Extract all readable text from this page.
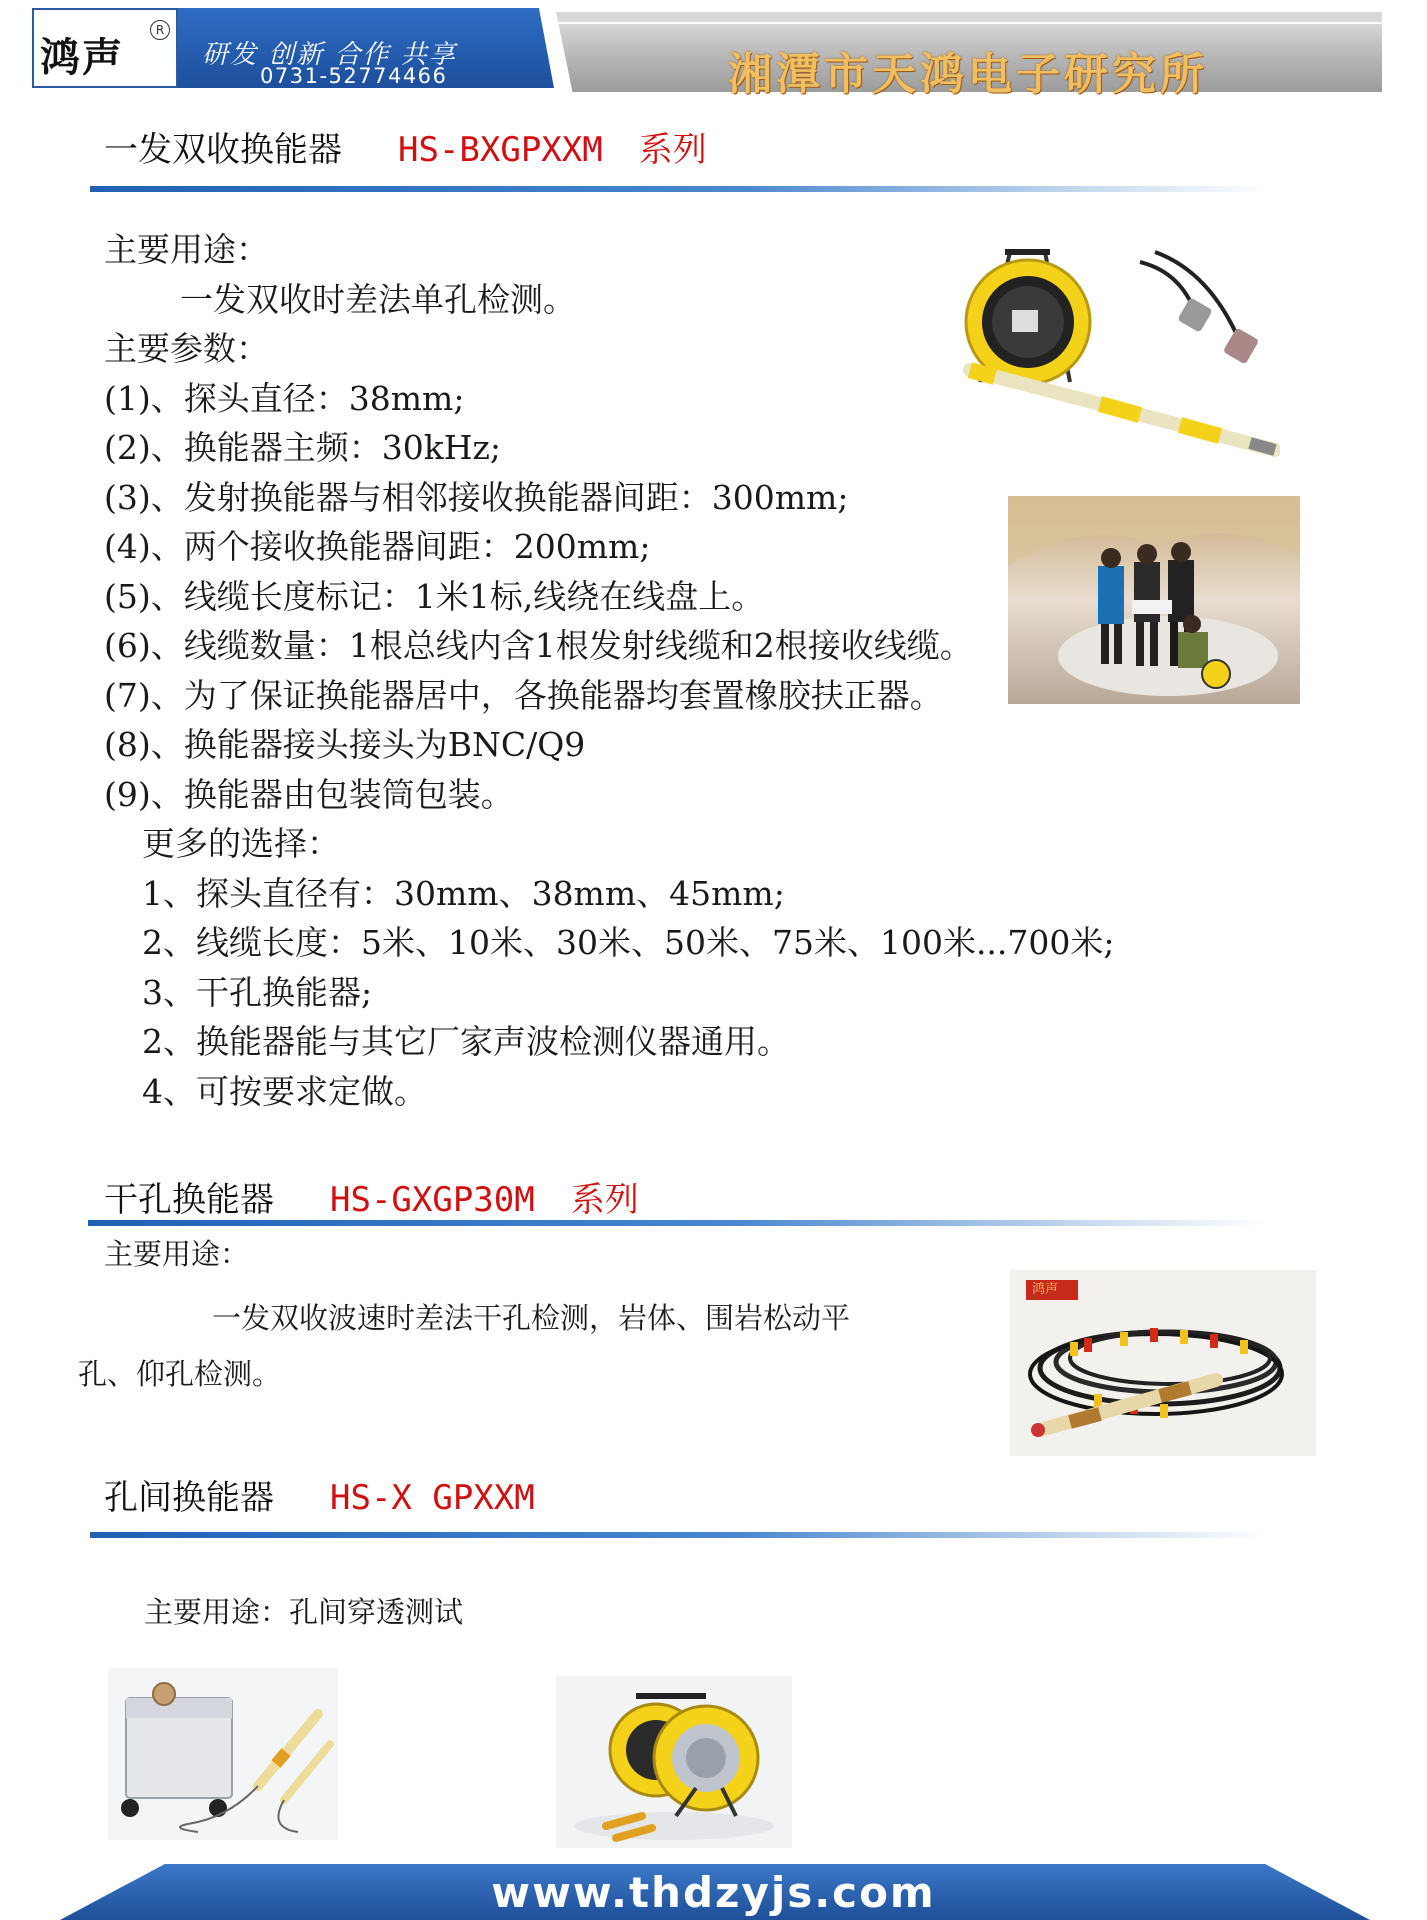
鸿声
R
研发 创新 合作 共享
0731-52774466	湘潭市天鸿电子研究所
一发双收换能器 HS-BXGPXXM 系列
主要用途：
一发双收时差法单孔检测。
主要参数：
(1)、探头直径：38mm;
(2)、换能器主频：30kHz;
(3)、发射换能器与相邻接收换能器间距：300mm;
(4)、两个接收换能器间距：200mm;
(5)、线缆长度标记：1米1标,线绕在线盘上。
(6)、线缆数量：1根总线内含1根发射线缆和2根接收线缆。
(7)、为了保证换能器居中，各换能器均套置橡胶扶正器。
(8)、换能器接头接头为BNC/Q9
(9)、换能器由包装筒包装。
更多的选择：
1、探头直径有：30mm、38mm、45mm;
2、线缆长度：5米、10米、30米、50米、75米、100米...700米;
3、干孔换能器;
2、换能器能与其它厂家声波检测仪器通用。
4、可按要求定做。
干孔换能器 HS-GXGP30M 系列
主要用途：
一发双收波速时差法干孔检测，岩体、围岩松动平
孔、仰孔检测。
鸿声
孔间换能器 HS-X GPXXM
主要用途：孔间穿透测试
www.thdzyjs.com
